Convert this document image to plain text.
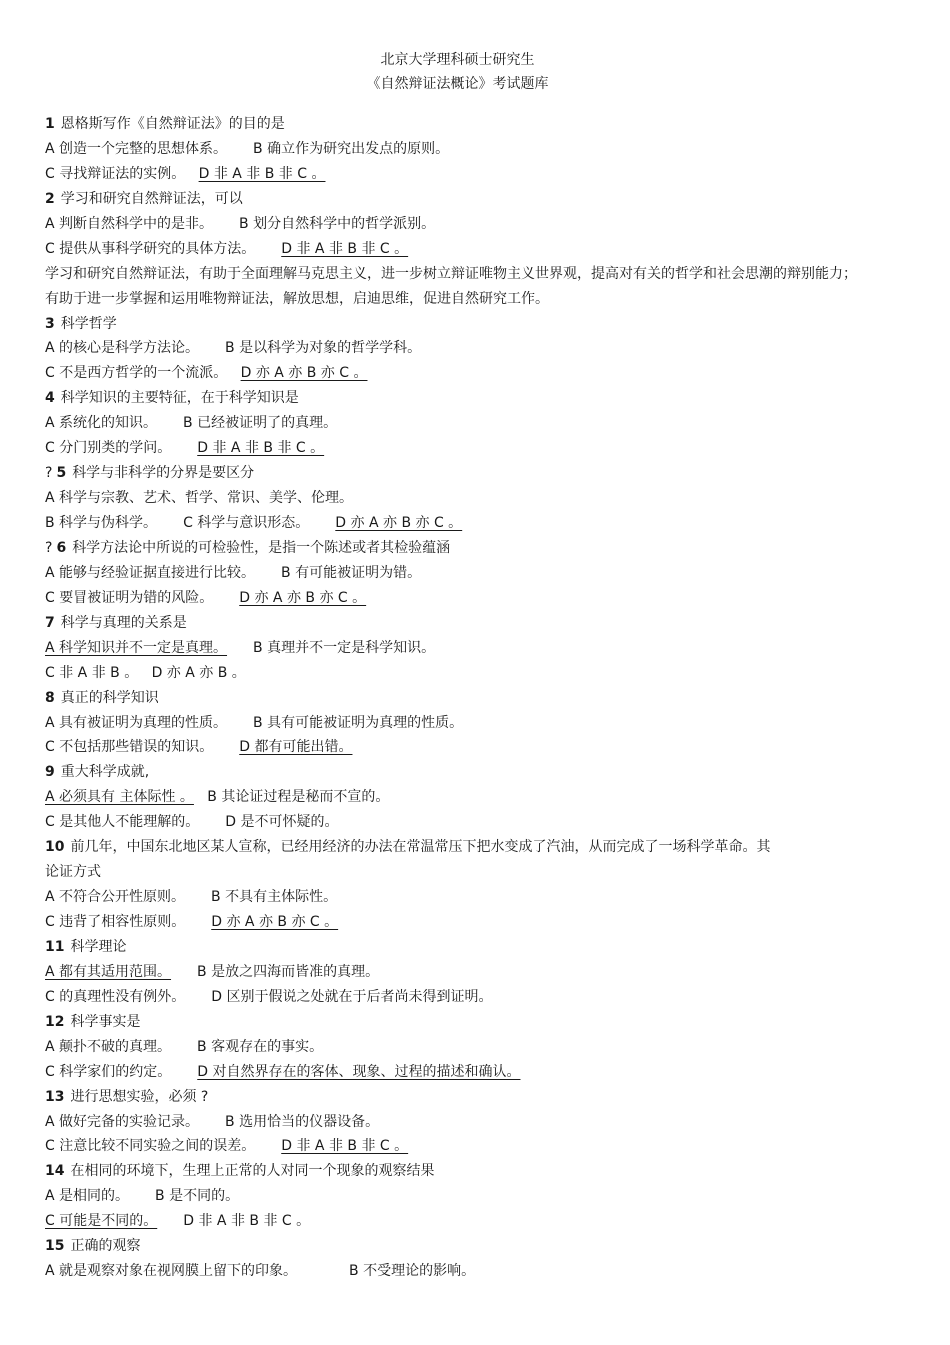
北京大学理科硕士研究生
《自然辩证法概论》考试题库
1 恩格斯写作《自然辩证法》的目的是
A 创造一个完整的思想体系。 B 确立作为研究出发点的原则。
C 寻找辩证法的实例。 D 非 A 非 B 非 C 。
2 学习和研究自然辩证法，可以
A 判断自然科学中的是非。 B 划分自然科学中的哲学派别。
C 提供从事科学研究的具体方法。 D 非 A 非 B 非 C 。

学习和研究自然辩证法，有助于全面理解马克思主义，进一步树立辩证唯物主义世界观，提高对有关的哲学和社会思潮的辩别能力；有助于进一步掌握和运用唯物辩证法，解放思想，启迪思维，促进自然研究工作。

3 科学哲学
A 的核心是科学方法论。 B 是以科学为对象的哲学学科。
C 不是西方哲学的一个流派。 D 亦 A 亦 B 亦 C 。
4 科学知识的主要特征，在于科学知识是
A 系统化的知识。 B 已经被证明了的真理。
C 分门别类的学问。 D 非 A 非 B 非 C 。
? 5 科学与非科学的分界是要区分
A 科学与宗教、艺术、哲学、常识、美学、伦理。
B 科学与伪科学。 C 科学与意识形态。 D 亦 A 亦 B 亦 C 。
? 6 科学方法论中所说的可检验性，是指一个陈述或者其检验蕴涵
A 能够与经验证据直接进行比较。 B 有可能被证明为错。
C 要冒被证明为错的风险。 D 亦 A 亦 B 亦 C 。
7 科学与真理的关系是
A 科学知识并不一定是真理。 B 真理并不一定是科学知识。
C 非 A 非 B 。 D 亦 A 亦 B 。
8 真正的科学知识
A 具有被证明为真理的性质。 B 具有可能被证明为真理的性质。
C 不包括那些错误的知识。 D 都有可能出错。
9 重大科学成就,
A 必须具有 主体际性 。 B 其论证过程是秘而不宣的。
C 是其他人不能理解的。 D 是不可怀疑的。
10 前几年，中国东北地区某人宣称，已经用经济的办法在常温常压下把水变成了汽油，从而完成了一场科学革命。其
论证方式
A 不符合公开性原则。 B 不具有主体际性。
C 违背了相容性原则。 D 亦 A 亦 B 亦 C 。
11 科学理论
A 都有其适用范围。 B 是放之四海而皆准的真理。
C 的真理性没有例外。 D 区别于假说之处就在于后者尚未得到证明。
12 科学事实是
A 颠扑不破的真理。 B 客观存在的事实。
C 科学家们的约定。 D 对自然界存在的客体、现象、过程的描述和确认。
13 进行思想实验，必须 ?
A 做好完备的实验记录。 B 选用恰当的仪器设备。
C 注意比较不同实验之间的误差。 D 非 A 非 B 非 C 。
14 在相同的环境下，生理上正常的人对同一个现象的观察结果
A 是相同的。 B 是不同的。
C 可能是不同的。 D 非 A 非 B 非 C 。
15 正确的观察
A 就是观察对象在视网膜上留下的印象。	B 不受理论的影响。
